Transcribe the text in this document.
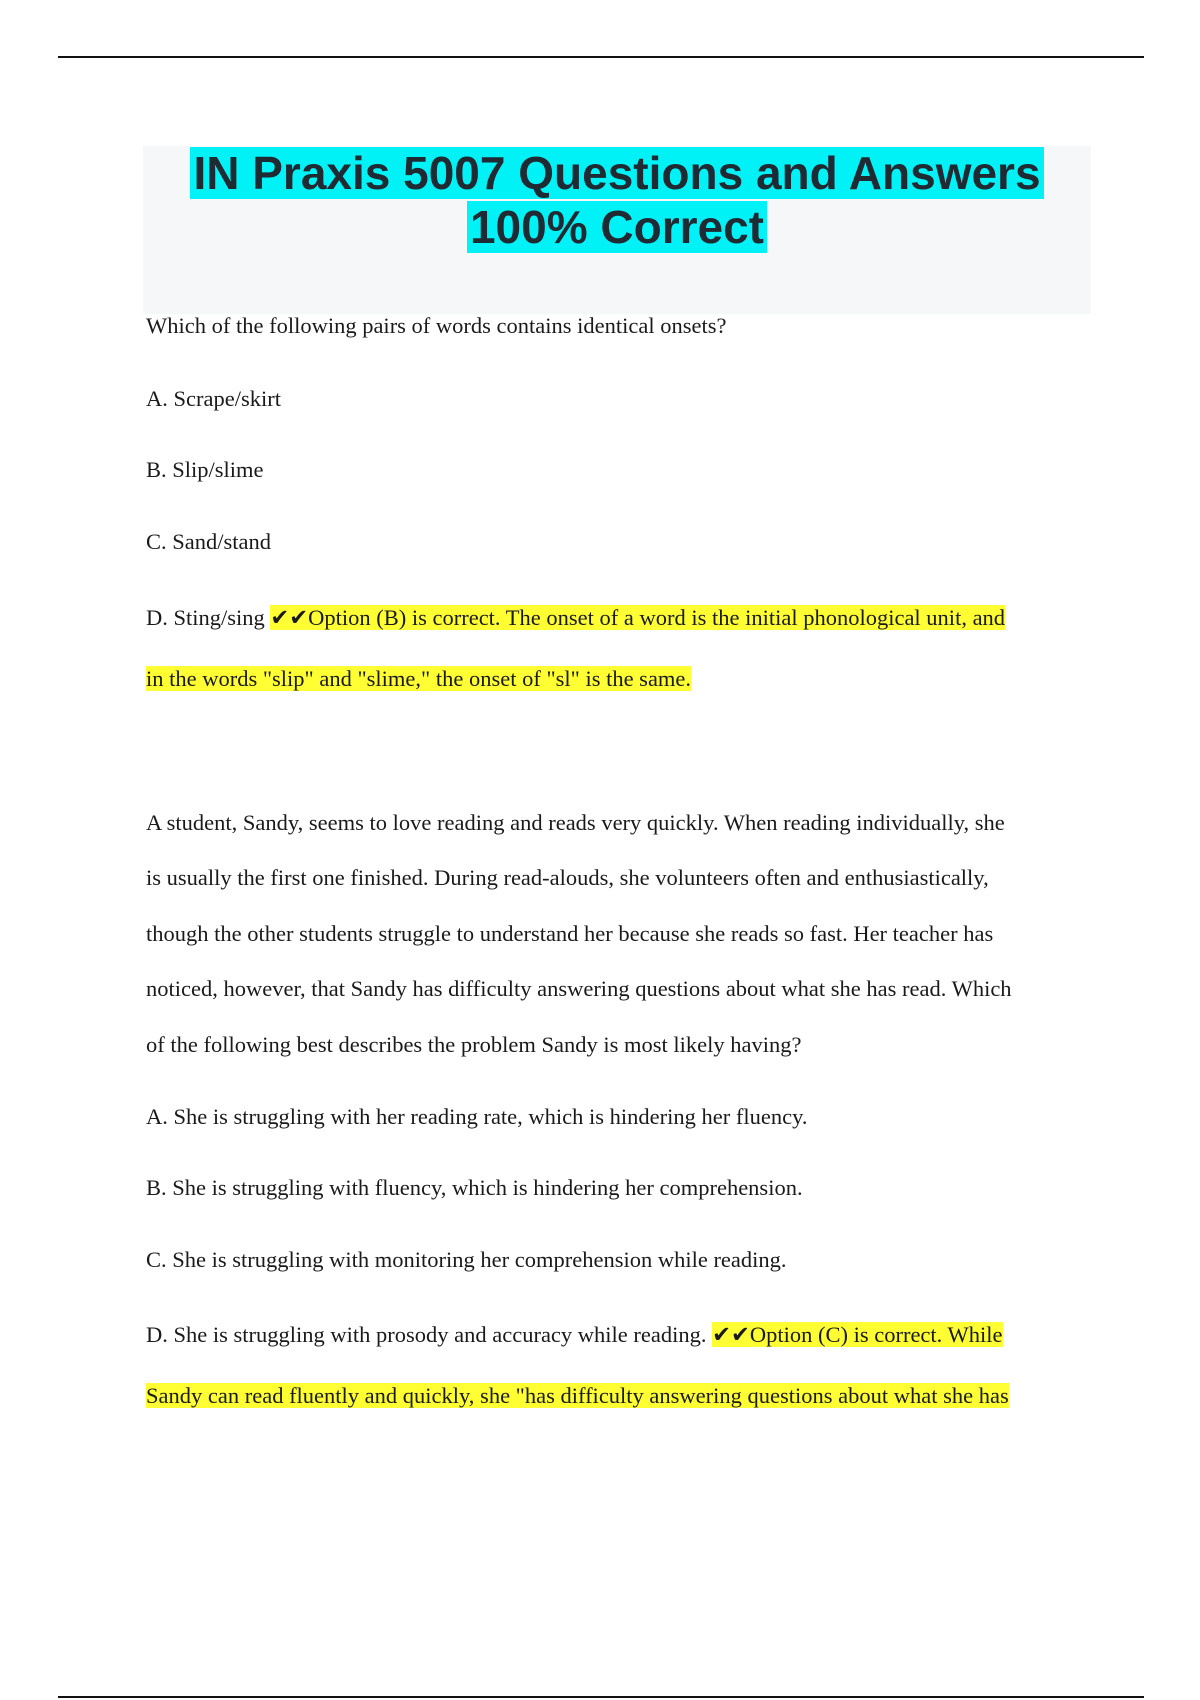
IN Praxis 5007 Questions and Answers
100% Correct
Which of the following pairs of words contains identical onsets?
A. Scrape/skirt
B. Slip/slime
C. Sand/stand
D. Sting/sing ✔✔Option (B) is correct. The onset of a word is the initial phonological unit, and
in the words "slip" and "slime," the onset of "sl" is the same.
A student, Sandy, seems to love reading and reads very quickly. When reading individually, she
is usually the first one finished. During read-alouds, she volunteers often and enthusiastically,
though the other students struggle to understand her because she reads so fast. Her teacher has
noticed, however, that Sandy has difficulty answering questions about what she has read. Which
of the following best describes the problem Sandy is most likely having?
A. She is struggling with her reading rate, which is hindering her fluency.
B. She is struggling with fluency, which is hindering her comprehension.
C. She is struggling with monitoring her comprehension while reading.
D. She is struggling with prosody and accuracy while reading. ✔✔Option (C) is correct. While
Sandy can read fluently and quickly, she "has difficulty answering questions about what she has
